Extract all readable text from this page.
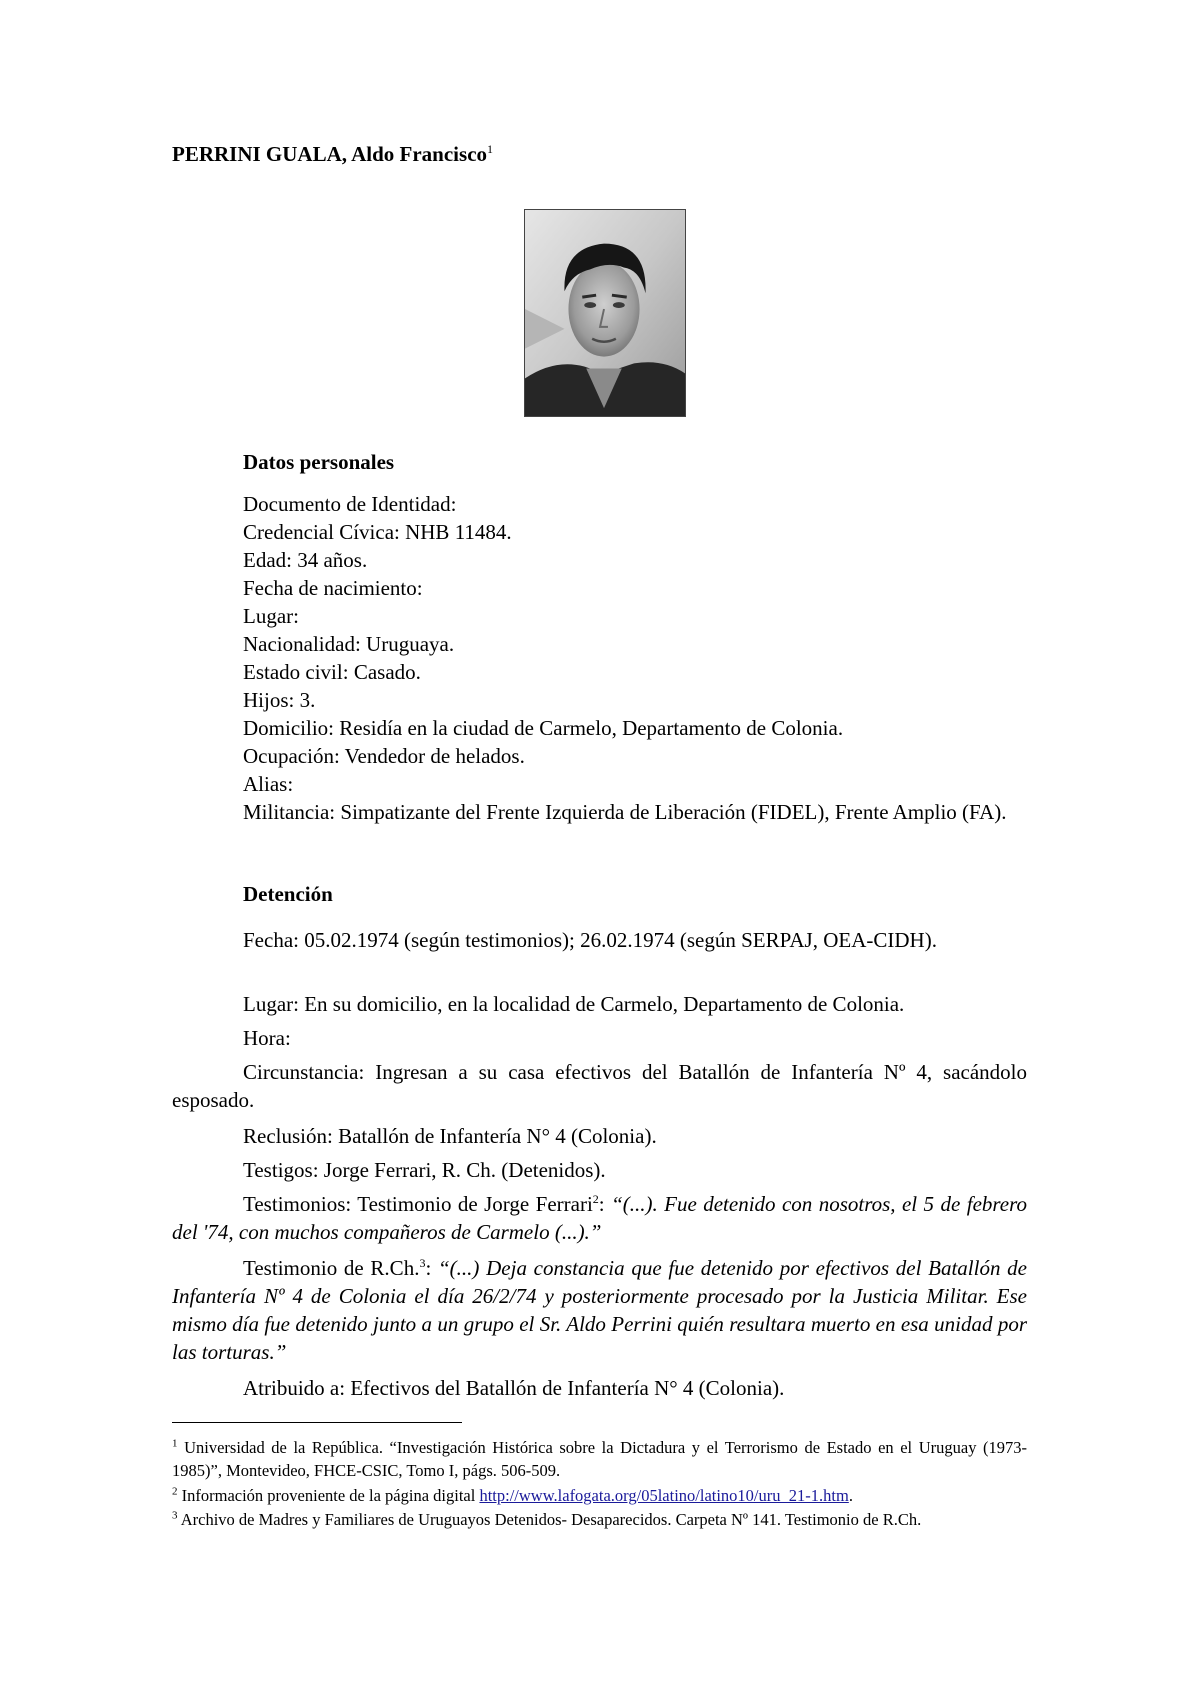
PERRINI GUALA, Aldo Francisco$^1$
Datos personales
Documento de Identidad:
Credencial Cívica: NHB 11484.
Edad: 34 años.
Fecha de nacimiento:
Lugar:
Nacionalidad: Uruguaya.
Estado civil: Casado.
Hijos: 3.
Domicilio: Residía en la ciudad de Carmelo, Departamento de Colonia.
Ocupación: Vendedor de helados.
Alias:
Militancia: Simpatizante del Frente Izquierda de Liberación (FIDEL), Frente Amplio (FA).
Detención
Fecha: 05.02.1974 (según testimonios); 26.02.1974 (según SERPAJ, OEA-CIDH).
Lugar: En su domicilio, en la localidad de Carmelo, Departamento de Colonia.
Hora:
Circunstancia: Ingresan a su casa efectivos del Batallón de Infantería Nº 4, sacándolo esposado.
Reclusión: Batallón de Infantería N° 4 (Colonia).
Testigos: Jorge Ferrari, R. Ch. (Detenidos).
Testimonios: Testimonio de Jorge Ferrari$^2$: “(...). Fue detenido con nosotros, el 5 de febrero del '74, con muchos compañeros de Carmelo (...).”
Testimonio de R.Ch.$^3$: “(...) Deja constancia que fue detenido por efectivos del Batallón de Infantería Nº 4 de Colonia el día 26/2/74 y posteriormente procesado por la Justicia Militar. Ese mismo día fue detenido junto a un grupo el Sr. Aldo Perrini quién resultara muerto en esa unidad por las torturas.”
Atribuido a: Efectivos del Batallón de Infantería N° 4 (Colonia).
$^1$ Universidad de la República. “Investigación Histórica sobre la Dictadura y el Terrorismo de Estado en el Uruguay (1973-1985)”, Montevideo, FHCE-CSIC, Tomo I, págs. 506-509.
$^2$ Información proveniente de la página digital http://www.lafogata.org/05latino/latino10/uru_21-1.htm.
$^3$ Archivo de Madres y Familiares de Uruguayos Detenidos- Desaparecidos. Carpeta Nº 141. Testimonio de R.Ch.
